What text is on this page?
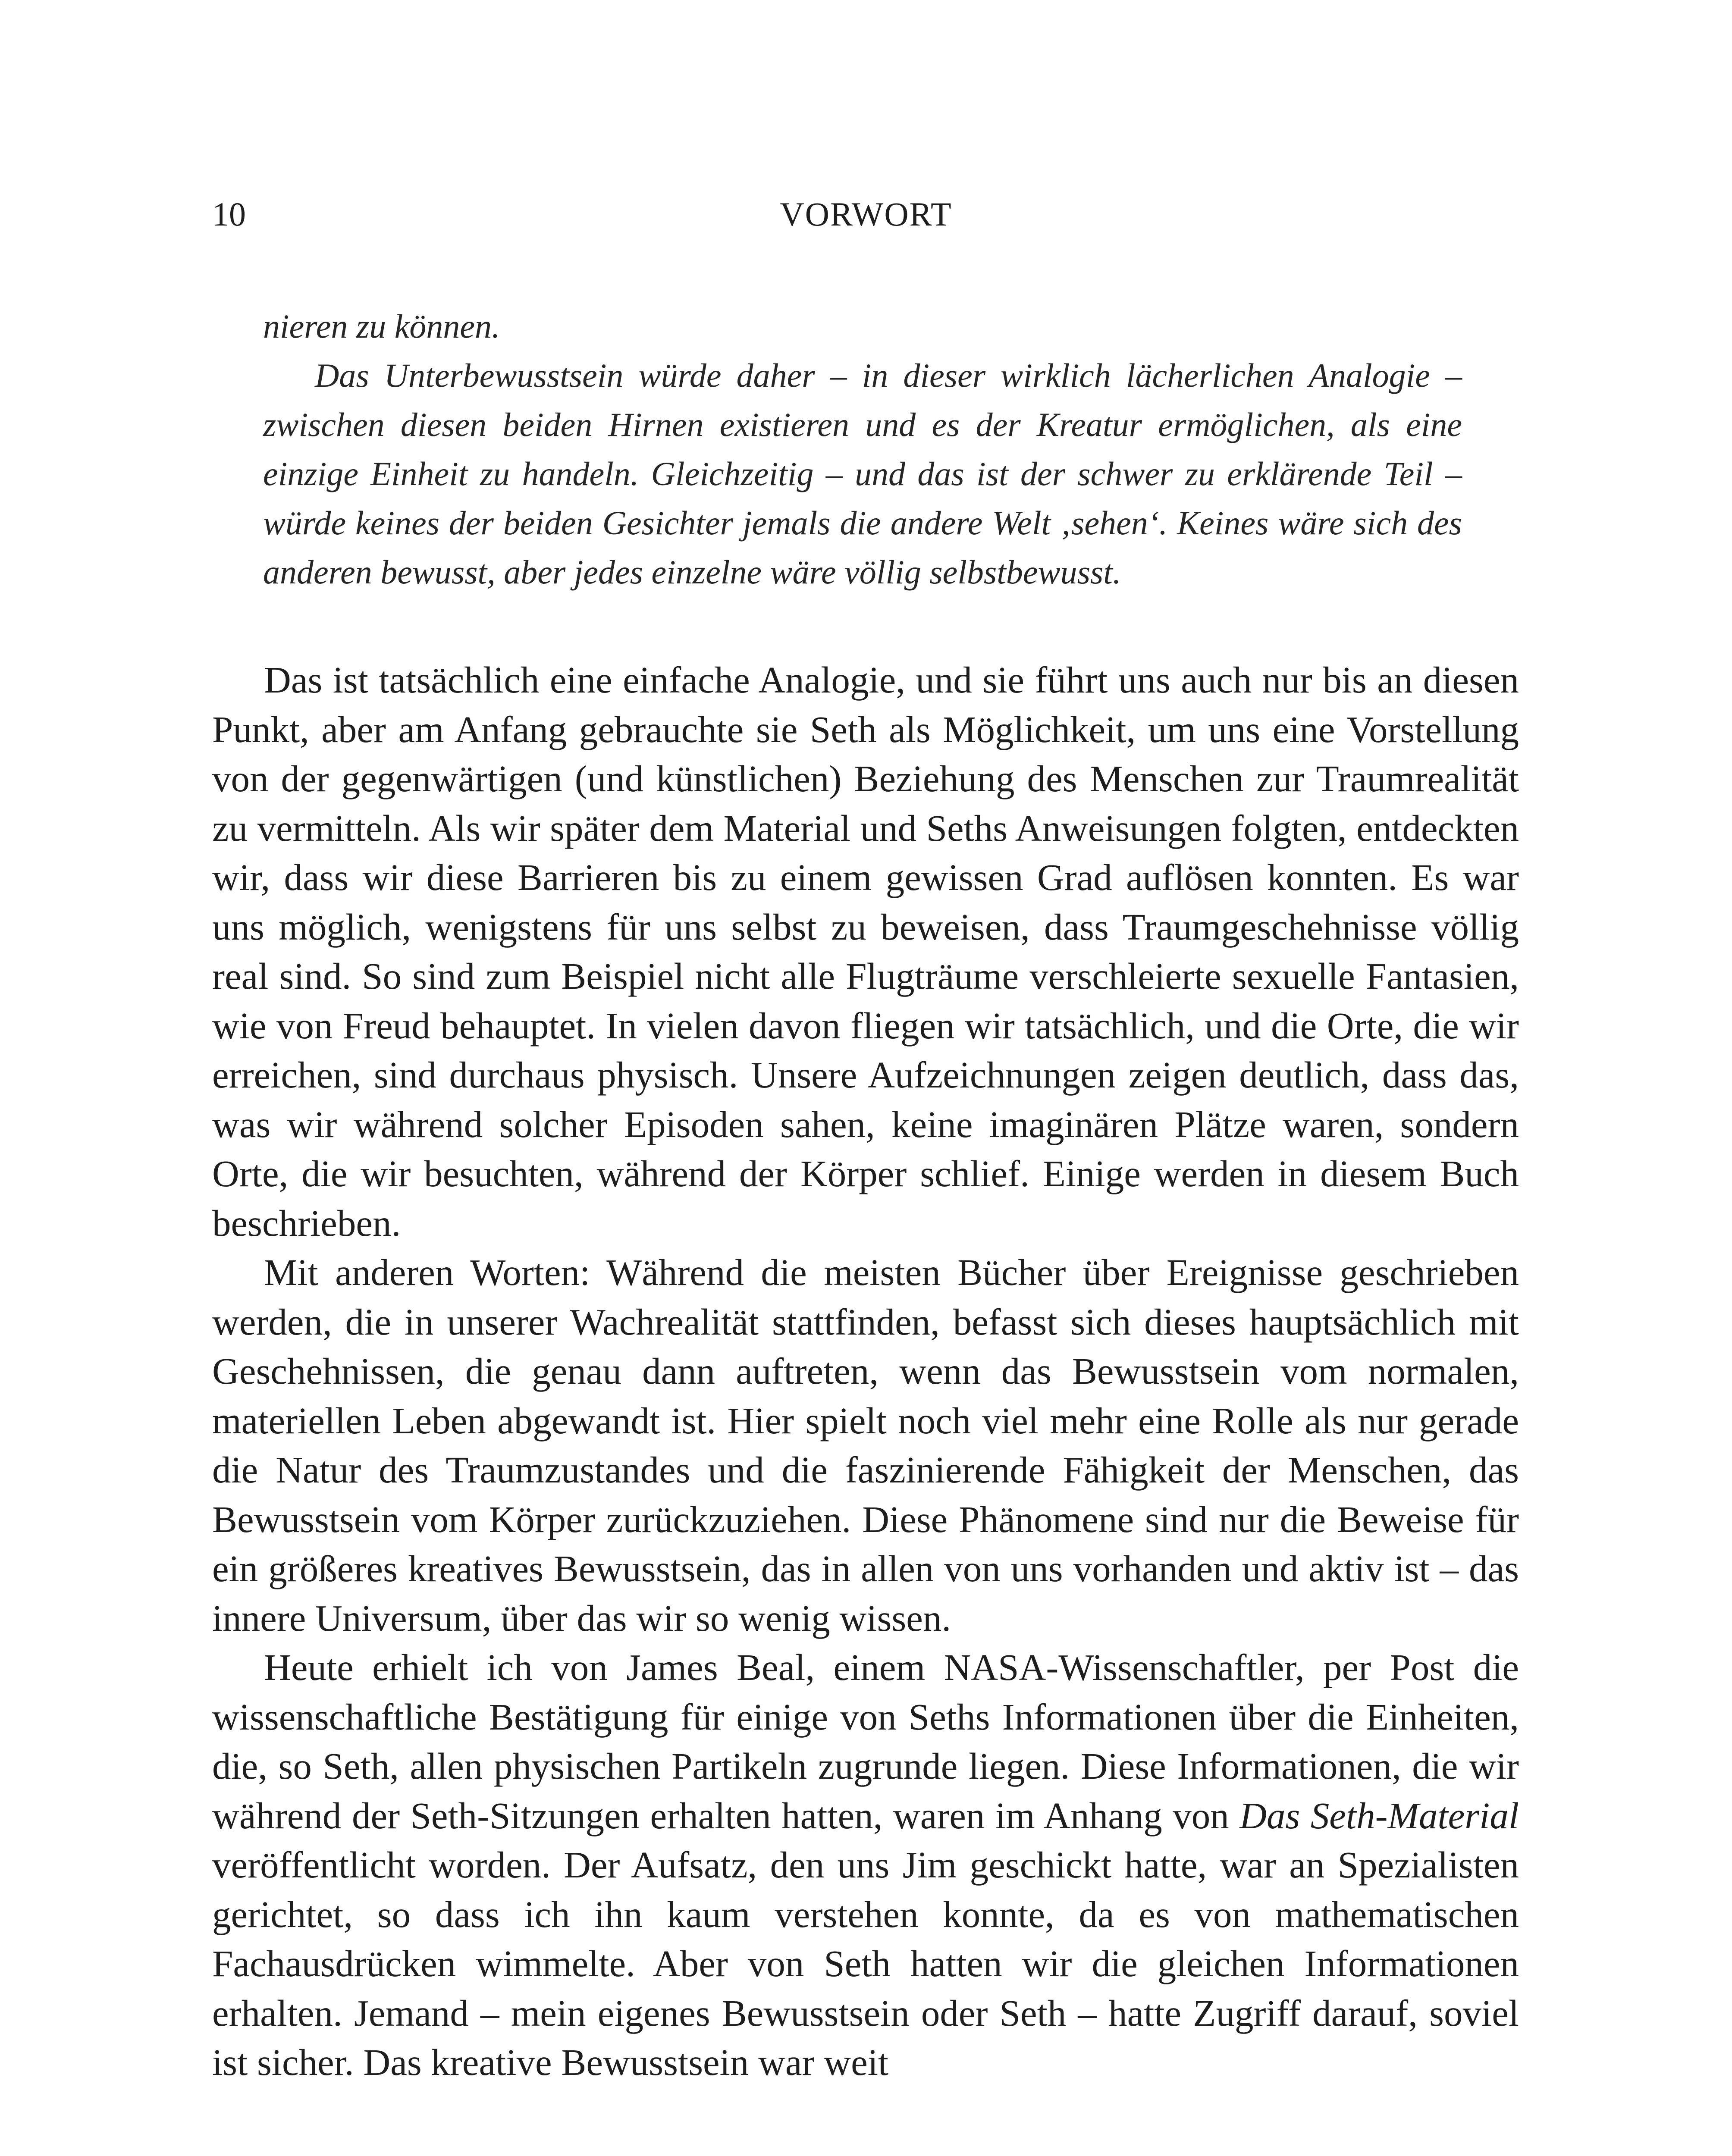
10	VORWORT

nieren zu können.

Das Unterbewusstsein würde daher – in dieser wirklich lächerlichen Analogie – zwischen diesen beiden Hirnen existieren und es der Kreatur ermöglichen, als eine einzige Einheit zu handeln. Gleichzeitig – und das ist der schwer zu erklärende Teil – würde keines der beiden Gesichter jemals die andere Welt ‚sehen‘. Keines wäre sich des anderen bewusst, aber jedes einzelne wäre völlig selbstbewusst.

Das ist tatsächlich eine einfache Analogie, und sie führt uns auch nur bis an diesen Punkt, aber am Anfang gebrauchte sie Seth als Möglichkeit, um uns eine Vorstellung von der gegenwärtigen (und künstlichen) Beziehung des Menschen zur Traumrealität zu vermitteln. Als wir später dem Material und Seths Anweisungen folgten, entdeckten wir, dass wir diese Barrieren bis zu einem gewissen Grad auflösen konnten. Es war uns möglich, wenigstens für uns selbst zu beweisen, dass Traumgeschehnisse völlig real sind. So sind zum Beispiel nicht alle Flugträume verschleierte sexuelle Fantasien, wie von Freud behauptet. In vielen davon fliegen wir tatsächlich, und die Orte, die wir erreichen, sind durchaus physisch. Unsere Aufzeichnungen zeigen deutlich, dass das, was wir während solcher Episoden sahen, keine imaginären Plätze waren, sondern Orte, die wir besuchten, während der Körper schlief. Einige werden in diesem Buch beschrieben.

Mit anderen Worten: Während die meisten Bücher über Ereignisse geschrieben werden, die in unserer Wachrealität stattfinden, befasst sich dieses hauptsächlich mit Geschehnissen, die genau dann auftreten, wenn das Bewusstsein vom normalen, materiellen Leben abgewandt ist. Hier spielt noch viel mehr eine Rolle als nur gerade die Natur des Traumzustandes und die faszinierende Fähigkeit der Menschen, das Bewusstsein vom Körper zurückzuziehen. Diese Phänomene sind nur die Beweise für ein größeres kreatives Bewusstsein, das in allen von uns vorhanden und aktiv ist – das innere Universum, über das wir so wenig wissen.

Heute erhielt ich von James Beal, einem NASA-Wissenschaftler, per Post die wissenschaftliche Bestätigung für einige von Seths Informationen über die Einheiten, die, so Seth, allen physischen Partikeln zugrunde liegen. Diese Informationen, die wir während der Seth-Sitzungen erhalten hatten, waren im Anhang von Das Seth-Material veröffentlicht worden. Der Aufsatz, den uns Jim geschickt hatte, war an Spezialisten gerichtet, so dass ich ihn kaum verstehen konnte, da es von mathematischen Fachausdrücken wimmelte. Aber von Seth hatten wir die gleichen Informationen erhalten. Jemand – mein eigenes Bewusstsein oder Seth – hatte Zugriff darauf, soviel ist sicher. Das kreative Bewusstsein war weit
